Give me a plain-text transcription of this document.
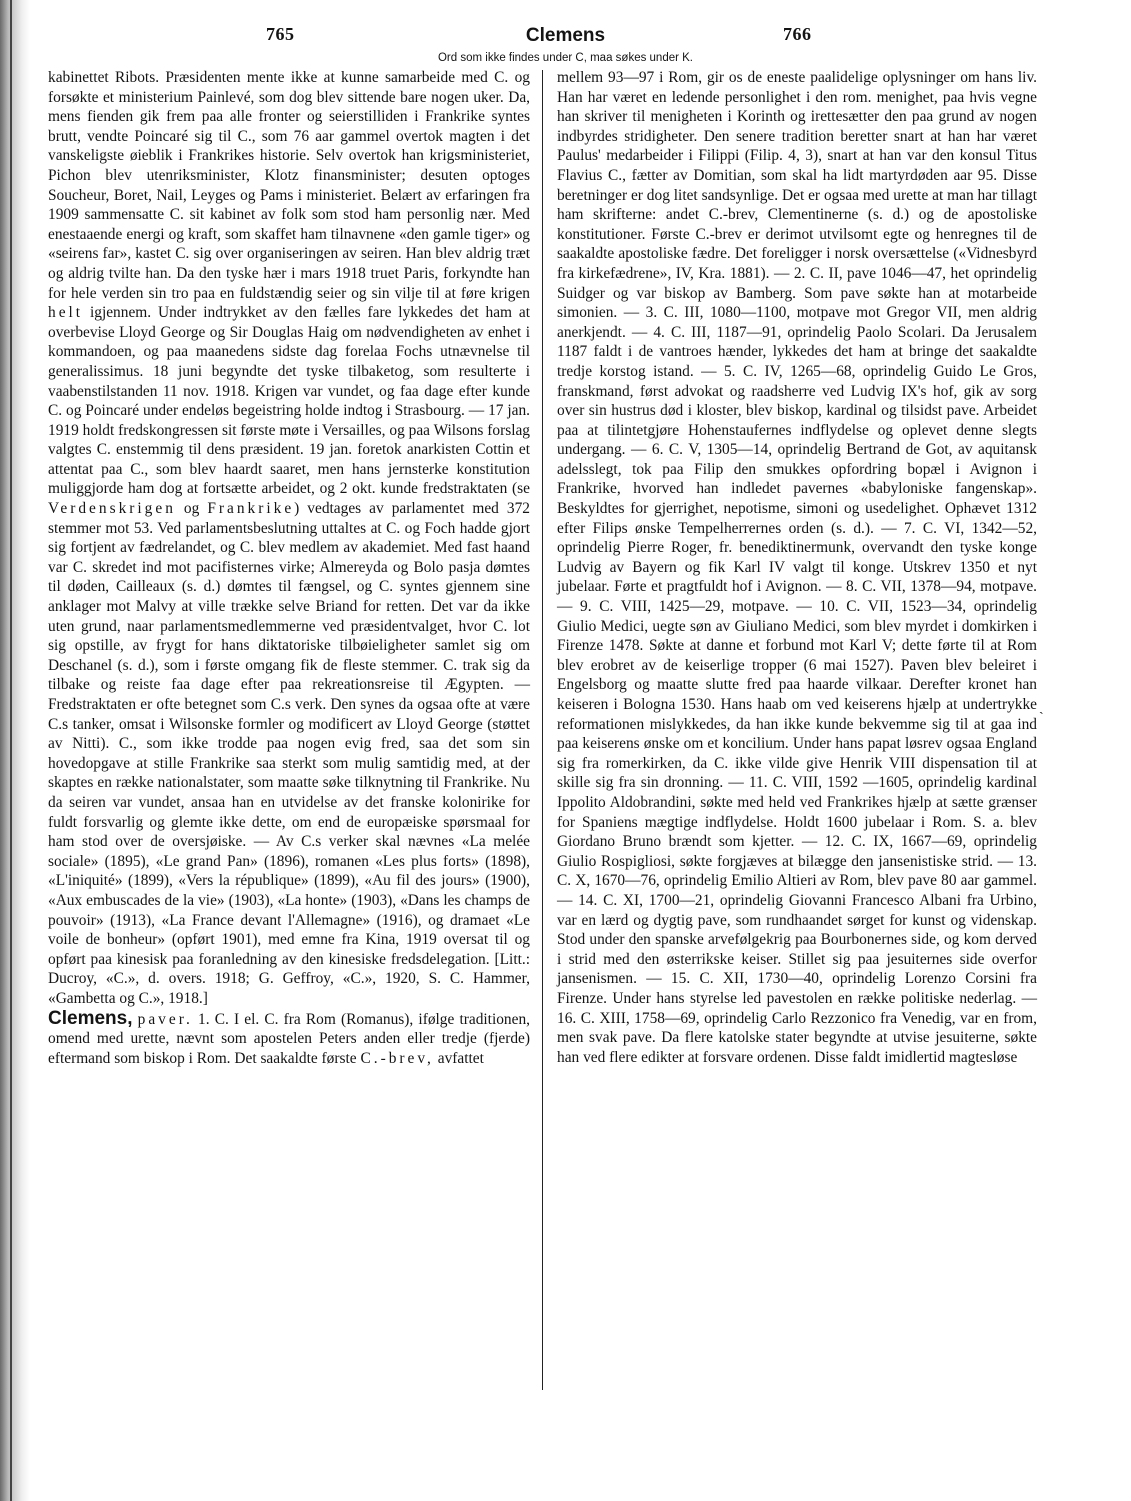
765	Clemens	766
Ord som ikke findes under C, maa søkes under K.

kabinettet Ribots. Præsidenten mente ikke at kunne samarbeide med C. og forsøkte et ministerium Painlevé, som dog blev sittende bare nogen uker. Da, mens fienden gik frem paa alle fronter og seierstilliden i Frankrike syntes brutt, vendte Poincaré sig til C., som 76 aar gammel overtok magten i det vanskeligste øieblik i Frankrikes historie. Selv overtok han krigsministeriet, Pichon blev utenriksminister, Klotz finansminister; desuten optoges Soucheur, Boret, Nail, Leyges og Pams i ministeriet. Belært av erfaringen fra 1909 sammensatte C. sit kabinet av folk som stod ham personlig nær. Med enestaaende energi og kraft, som skaffet ham tilnavnene «den gamle tiger» og «seirens far», kastet C. sig over organiseringen av seiren. Han blev aldrig træt og aldrig tvilte han. Da den tyske hær i mars 1918 truet Paris, forkyndte han for hele verden sin tro paa en fuldstændig seier og sin vilje til at føre krigen helt igjennem. Under indtrykket av den fælles fare lykkedes det ham at overbevise Lloyd George og Sir Douglas Haig om nødvendigheten av enhet i kommandoen, og paa maanedens sidste dag forelaa Fochs utnævnelse til generalissimus. 18 juni begyndte det tyske tilbaketog, som resulterte i vaabenstilstanden 11 nov. 1918. Krigen var vundet, og faa dage efter kunde C. og Poincaré under endeløs begeistring holde indtog i Strasbourg. — 17 jan. 1919 holdt fredskongressen sit første møte i Versailles, og paa Wilsons forslag valgtes C. enstemmig til dens præsident. 19 jan. foretok anarkisten Cottin et attentat paa C., som blev haardt saaret, men hans jernsterke konstitution muliggjorde ham dog at fortsætte arbeidet, og 2 okt. kunde fredstraktaten (se Verdenskrigen og Frankrike) vedtages av parlamentet med 372 stemmer mot 53. Ved parlamentsbeslutning uttaltes at C. og Foch hadde gjort sig fortjent av fædrelandet, og C. blev medlem av akademiet. Med fast haand var C. skredet ind mot pacifisternes virke; Almereyda og Bolo pasja dømtes til døden, Cailleaux (s. d.) dømtes til fængsel, og C. syntes gjennem sine anklager mot Malvy at ville trække selve Briand for retten. Det var da ikke uten grund, naar parlamentsmedlemmerne ved præsidentvalget, hvor C. lot sig opstille, av frygt for hans diktatoriske tilbøieligheter samlet sig om Deschanel (s. d.), som i første omgang fik de fleste stemmer. C. trak sig da tilbake og reiste faa dage efter paa rekreationsreise til Ægypten. — Fredstraktaten er ofte betegnet som C.s verk. Den synes da ogsaa ofte at være C.s tanker, omsat i Wilsonske formler og modificert av Lloyd George (støttet av Nitti). C., som ikke trodde paa nogen evig fred, saa det som sin hovedopgave at stille Frankrike saa sterkt som mulig samtidig med, at der skaptes en række nationalstater, som maatte søke tilknytning til Frankrike. Nu da seiren var vundet, ansaa han en utvidelse av det franske kolonirike for fuldt forsvarlig og glemte ikke dette, om end de europæiske spørsmaal for ham stod over de oversjøiske. — Av C.s verker skal nævnes «La melée sociale» (1895), «Le grand Pan» (1896), romanen «Les plus forts» (1898), «L'iniquité» (1899), «Vers la république» (1899), «Au fil des jours» (1900), «Aux embuscades de la vie» (1903), «La honte» (1903), «Dans les champs de pouvoir» (1913), «La France devant l'Allemagne» (1916), og dramaet «Le voile de bonheur» (opført 1901), med emne fra Kina, 1919 oversat til og opført paa kinesisk paa foranledning av den kinesiske fredsdelegation. [Litt.: Ducroy, «C.», d. overs. 1918; G. Geffroy, «C.», 1920, S. C. Hammer, «Gambetta og C.», 1918.]

Clemens, paver. 1. C. I el. C. fra Rom (Romanus), ifølge traditionen, omend med urette, nævnt som apostelen Peters anden eller tredje (fjerde) eftermand som biskop i Rom. Det saakaldte første C.-brev, avfattet

mellem 93—97 i Rom, gir os de eneste paalidelige oplysninger om hans liv. Han har været en ledende personlighet i den rom. menighet, paa hvis vegne han skriver til menigheten i Korinth og irettesætter den paa grund av nogen indbyrdes stridigheter. Den senere tradition beretter snart at han har været Paulus' medarbeider i Filippi (Filip. 4, 3), snart at han var den konsul Titus Flavius C., fætter av Domitian, som skal ha lidt martyrdøden aar 95. Disse beretninger er dog litet sandsynlige. Det er ogsaa med urette at man har tillagt ham skrifterne: andet C.-brev, Clementinerne (s. d.) og de apostoliske konstitutioner. Første C.-brev er derimot utvilsomt egte og henregnes til de saakaldte apostoliske fædre. Det foreligger i norsk oversættelse («Vidnesbyrd fra kirkefædrene», IV, Kra. 1881). — 2. C. II, pave 1046—47, het oprindelig Suidger og var biskop av Bamberg. Som pave søkte han at motarbeide simonien. — 3. C. III, 1080—1100, motpave mot Gregor VII, men aldrig anerkjendt. — 4. C. III, 1187—91, oprindelig Paolo Scolari. Da Jerusalem 1187 faldt i de vantroes hænder, lykkedes det ham at bringe det saakaldte tredje korstog istand. — 5. C. IV, 1265—68, oprindelig Guido Le Gros, franskmand, først advokat og raadsherre ved Ludvig IX's hof, gik av sorg over sin hustrus død i kloster, blev biskop, kardinal og tilsidst pave. Arbeidet paa at tilintetgjøre Hohenstaufernes indflydelse og oplevet denne slegts undergang. — 6. C. V, 1305—14, oprindelig Bertrand de Got, av aquitansk adelsslegt, tok paa Filip den smukkes opfordring bopæl i Avignon i Frankrike, hvorved han indledet pavernes «babyloniske fangenskap». Beskyldtes for gjerrighet, nepotisme, simoni og usedelighet. Ophævet 1312 efter Filips ønske Tempelherrernes orden (s. d.). — 7. C. VI, 1342—52, oprindelig Pierre Roger, fr. benediktinermunk, overvandt den tyske konge Ludvig av Bayern og fik Karl IV valgt til konge. Utskrev 1350 et nyt jubelaar. Førte et pragtfuldt hof i Avignon. — 8. C. VII, 1378—94, motpave. — 9. C. VIII, 1425—29, motpave. — 10. C. VII, 1523—34, oprindelig Giulio Medici, uegte søn av Giuliano Medici, som blev myrdet i domkirken i Firenze 1478. Søkte at danne et forbund mot Karl V; dette førte til at Rom blev erobret av de keiserlige tropper (6 mai 1527). Paven blev beleiret i Engelsborg og maatte slutte fred paa haarde vilkaar. Derefter kronet han keiseren i Bologna 1530. Hans haab om ved keiserens hjælp at undertrykke reformationen mislykkedes, da han ikke kunde bekvemme sig til at gaa ind paa keiserens ønske om et koncilium. Under hans papat løsrev ogsaa England sig fra romerkirken, da C. ikke vilde give Henrik VIII dispensation til at skille sig fra sin dronning. — 11. C. VIII, 1592 —1605, oprindelig kardinal Ippolito Aldobrandini, søkte med held ved Frankrikes hjælp at sætte grænser for Spaniens mægtige indflydelse. Holdt 1600 jubelaar i Rom. S. a. blev Giordano Bruno brændt som kjetter. — 12. C. IX, 1667—69, oprindelig Giulio Rospigliosi, søkte forgjæves at bilægge den jansenistiske strid. — 13. C. X, 1670—76, oprindelig Emilio Altieri av Rom, blev pave 80 aar gammel. — 14. C. XI, 1700—21, oprindelig Giovanni Francesco Albani fra Urbino, var en lærd og dygtig pave, som rundhaandet sørget for kunst og videnskap. Stod under den spanske arvefølgekrig paa Bourbonernes side, og kom derved i strid med den østerrikske keiser. Stillet sig paa jesuiternes side overfor jansenismen. — 15. C. XII, 1730—40, oprindelig Lorenzo Corsini fra Firenze. Under hans styrelse led pavestolen en række politiske nederlag. — 16. C. XIII, 1758—69, oprindelig Carlo Rezzonico fra Venedig, var en from, men svak pave. Da flere katolske stater begyndte at utvise jesuiterne, søkte han ved flere edikter at forsvare ordenen. Disse faldt imidlertid magtesløse

ˎ
